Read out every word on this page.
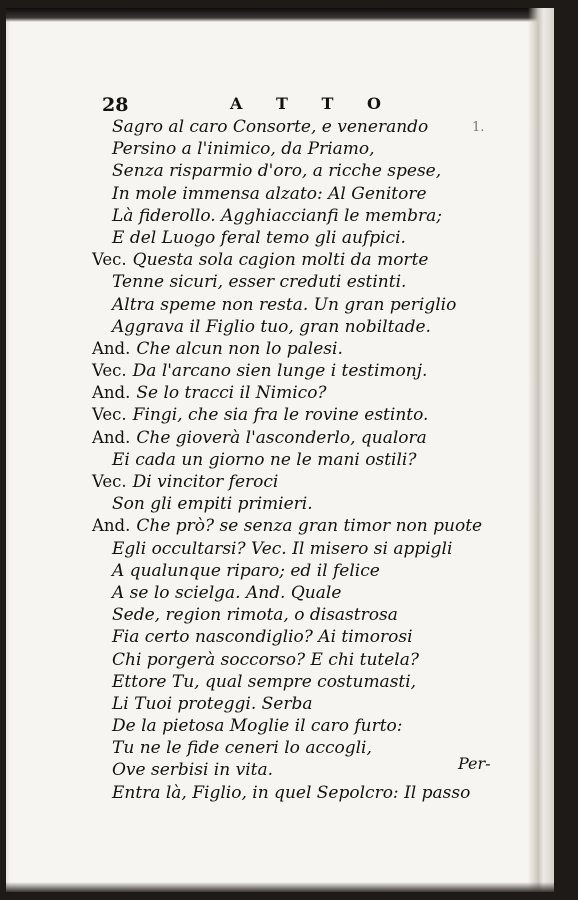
28	A T T O
1.
Sagro al caro Consorte, e venerando
Persino a l'inimico, da Priamo,
Senza risparmio d'oro, a ricche spese,
In mole immensa alzato: Al Genitore
Là fiderollo. Agghiaccianfi le membra;
E del Luogo feral temo gli aufpici.
Vec. Questa sola cagion molti da morte
Tenne sicuri, esser creduti estinti.
Altra speme non resta. Un gran periglio
Aggrava il Figlio tuo, gran nobiltade.
And. Che alcun non lo palesi.
Vec. Da l'arcano sien lunge i testimonj.
And. Se lo tracci il Nimico?
Vec. Fingi, che sia fra le rovine estinto.
And. Che gioverà l'asconderlo, qualora
Ei cada un giorno ne le mani ostili?
Vec. Di vincitor feroci
Son gli empiti primieri.
And. Che prò? se senza gran timor non puote
Egli occultarsi? Vec. Il misero si appigli
A qualunque riparo; ed il felice
A se lo scielga. And. Quale
Sede, region rimota, o disastrosa
Fia certo nascondiglio? Ai timorosi
Chi porgerà soccorso? E chi tutela?
Ettore Tu, qual sempre costumasti,
Li Tuoi proteggi. Serba
De la pietosa Moglie il caro furto:
Tu ne le fide ceneri lo accogli,
Ove serbisi in vita.
Entra là, Figlio, in quel Sepolcro: Il passo
Per-
